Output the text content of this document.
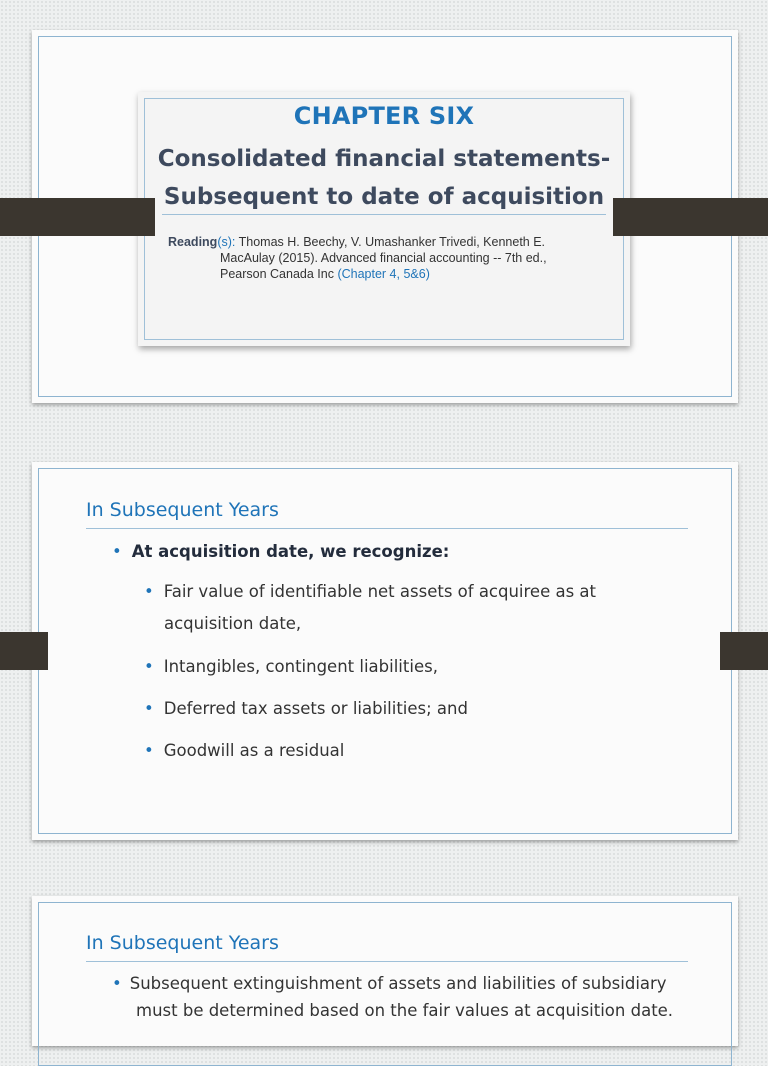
CHAPTER SIX
Consolidated financial statements-
Subsequent to date of acquisition
Reading(s): Thomas H. Beechy, V. Umashanker Trivedi, Kenneth E.
MacAulay (2015). Advanced financial accounting -- 7th ed.,
Pearson Canada Inc (Chapter 4, 5&6)
In Subsequent Years
• At acquisition date, we recognize:
• Fair value of identifiable net assets of acquiree as at
acquisition date,
• Intangibles, contingent liabilities,
• Deferred tax assets or liabilities; and
• Goodwill as a residual
In Subsequent Years
• Subsequent extinguishment of assets and liabilities of subsidiary
must be determined based on the fair values at acquisition date.
